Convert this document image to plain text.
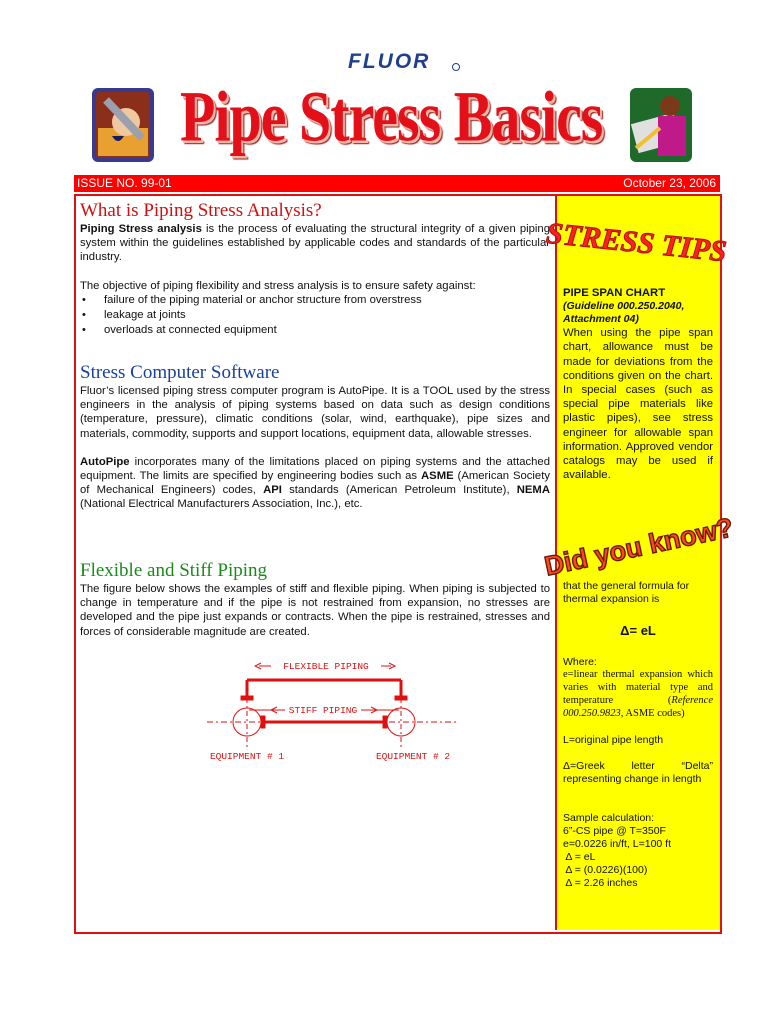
FLUOR
Pipe Stress Basics
ISSUE NO. 99-01	October 23, 2006
What is Piping Stress Analysis?

Piping Stress analysis is the process of evaluating the structural integrity of a given piping system within the guidelines established by applicable codes and standards of the particular industry.

The objective of piping flexibility and stress analysis is to ensure safety against:

• failure of the piping material or anchor structure from overstress
• leakage at joints
• overloads at connected equipment
Stress Computer Software

Fluor’s licensed piping stress computer program is AutoPipe. It is a TOOL used by the stress engineers in the analysis of piping systems based on data such as design conditions (temperature, pressure), climatic conditions (solar, wind, earthquake), pipe sizes and materials, commodity, supports and support locations, equipment data, allowable stresses.

AutoPipe incorporates many of the limitations placed on piping systems and the attached equipment. The limits are specified by engineering bodies such as ASME (American Society of Mechanical Engineers) codes, API standards (American Petroleum Institute), NEMA (National Electrical Manufacturers Association, Inc.), etc.

Flexible and Stiff Piping

The figure below shows the examples of stiff and flexible piping. When piping is subjected to change in temperature and if the pipe is not restrained from expansion, no stresses are developed and the pipe just expands or contracts. When the pipe is restrained, stresses and forces of considerable magnitude are created.

FLEXIBLE PIPING
STIFF PIPING
EQUIPMENT # 1	EQUIPMENT # 2
STRESS TIPS
PIPE SPAN CHART
(Guideline 000.250.2040, Attachment 04)

When using the pipe span chart, allowance must be made for deviations from the conditions given on the chart. In special cases (such as special pipe materials like plastic pipes), see stress engineer for allowable span information. Approved vendor catalogs may be used if available.

Did you know?
that the general formula for thermal expansion is
Δ= eL
Where:

e=linear thermal expansion which varies with material type and temperature (Reference 000.250.9823, ASME codes)

L=original pipe length
Δ=Greek letter “Delta” representing change in length
Sample calculation:
6”-CS pipe @ T=350F
e=0.0226 in/ft, L=100 ft
Δ = eL
Δ = (0.0226)(100)
Δ = 2.26 inches
